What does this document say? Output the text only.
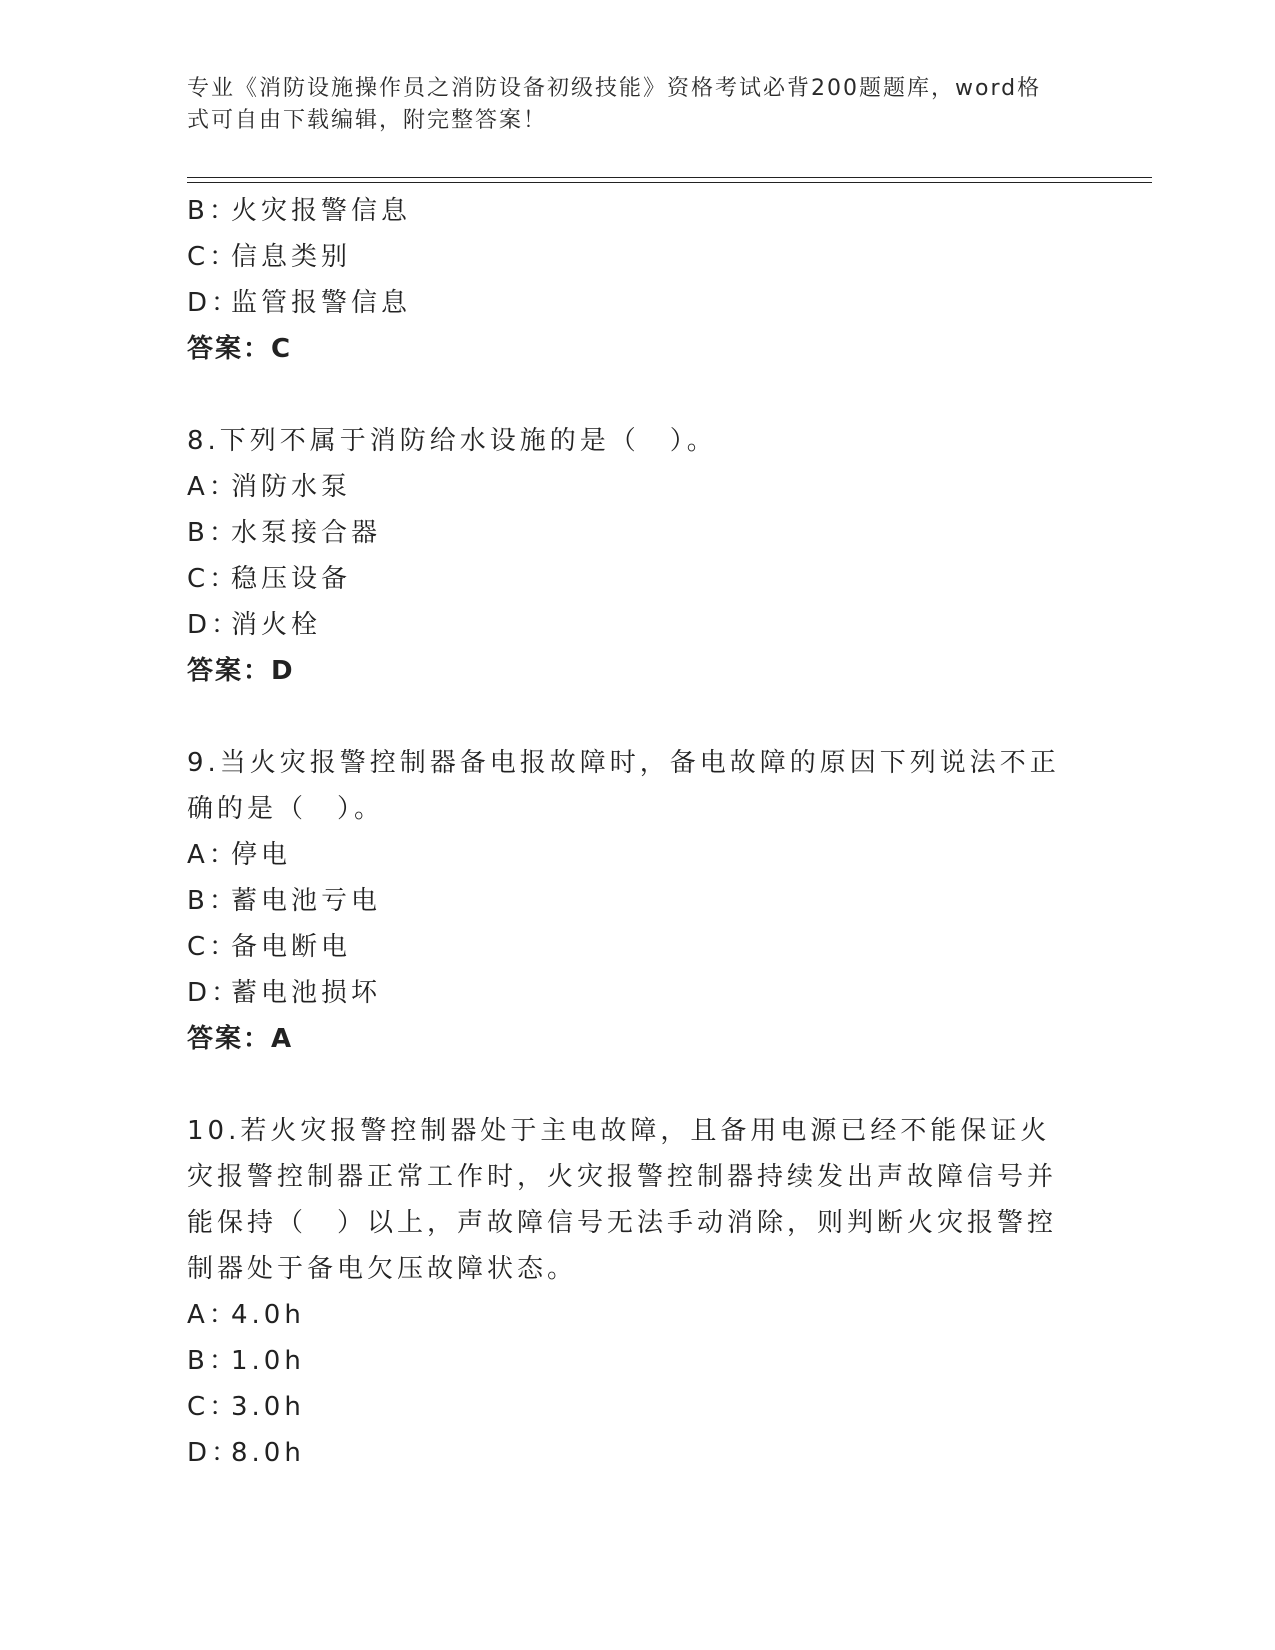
专业《消防设施操作员之消防设备初级技能》资格考试必背200题题库，word格
式可自由下载编辑，附完整答案！
B：火灾报警信息
C：信息类别
D：监管报警信息
答案：C
8.下列不属于消防给水设施的是（　）。
A：消防水泵
B：水泵接合器
C：稳压设备
D：消火栓
答案：D
9.当火灾报警控制器备电报故障时，备电故障的原因下列说法不正确的是（　）。
A：停电
B：蓄电池亏电
C：备电断电
D：蓄电池损坏
答案：A
10.若火灾报警控制器处于主电故障，且备用电源已经不能保证火灾报警控制器正常工作时，火灾报警控制器持续发出声故障信号并能保持（　）以上，声故障信号无法手动消除，则判断火灾报警控制器处于备电欠压故障状态。
A：4.0h
B：1.0h
C：3.0h
D：8.0h
